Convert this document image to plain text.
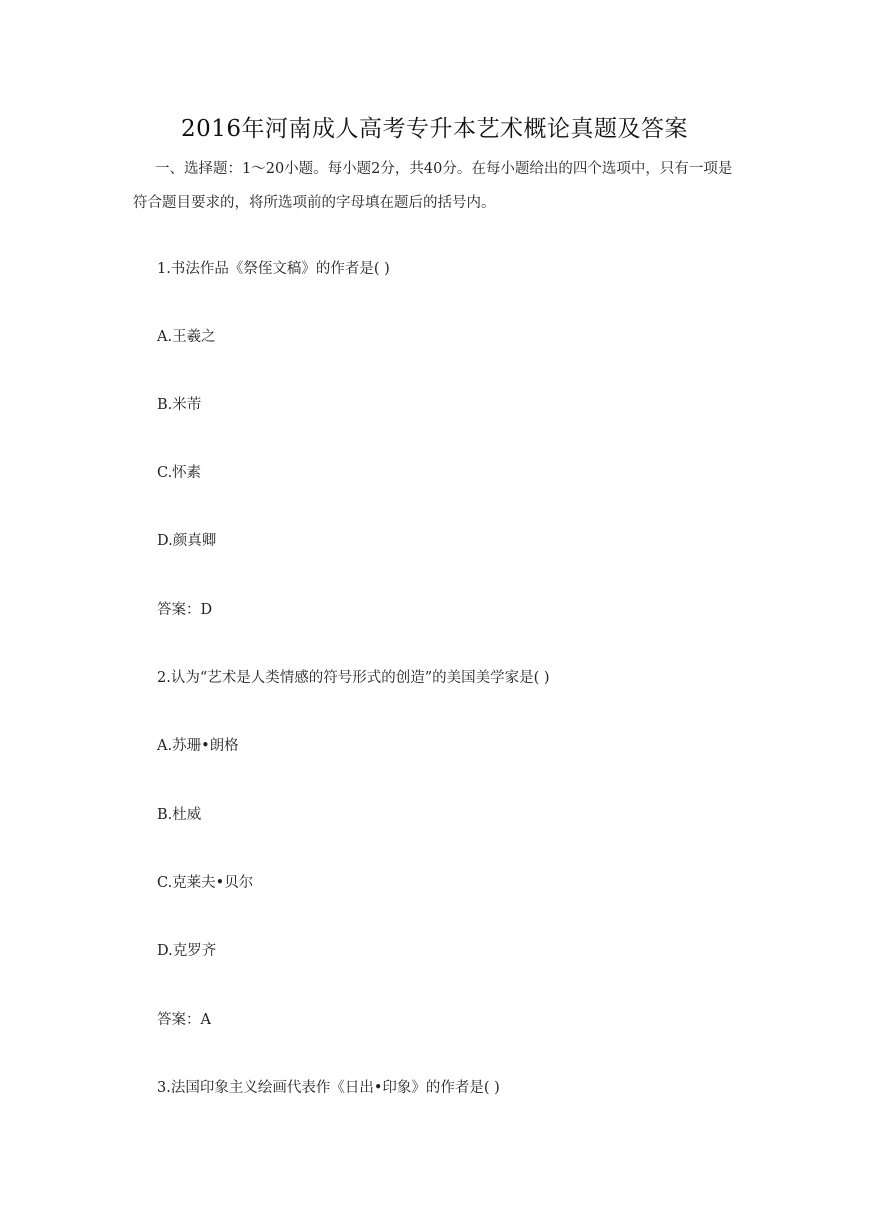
2016年河南成人高考专升本艺术概论真题及答案
一、选择题：1～20小题。每小题2分，共40分。在每小题给出的四个选项中，只有一项是符合题目要求的，将所选项前的字母填在题后的括号内。
1.书法作品《祭侄文稿》的作者是( )
A.王羲之
B.米芾
C.怀素
D.颜真卿
答案：D
2.认为“艺术是人类情感的符号形式的创造”的美国美学家是( )
A.苏珊•朗格
B.杜威
C.克莱夫•贝尔
D.克罗齐
答案：A
3.法国印象主义绘画代表作《日出•印象》的作者是( )
